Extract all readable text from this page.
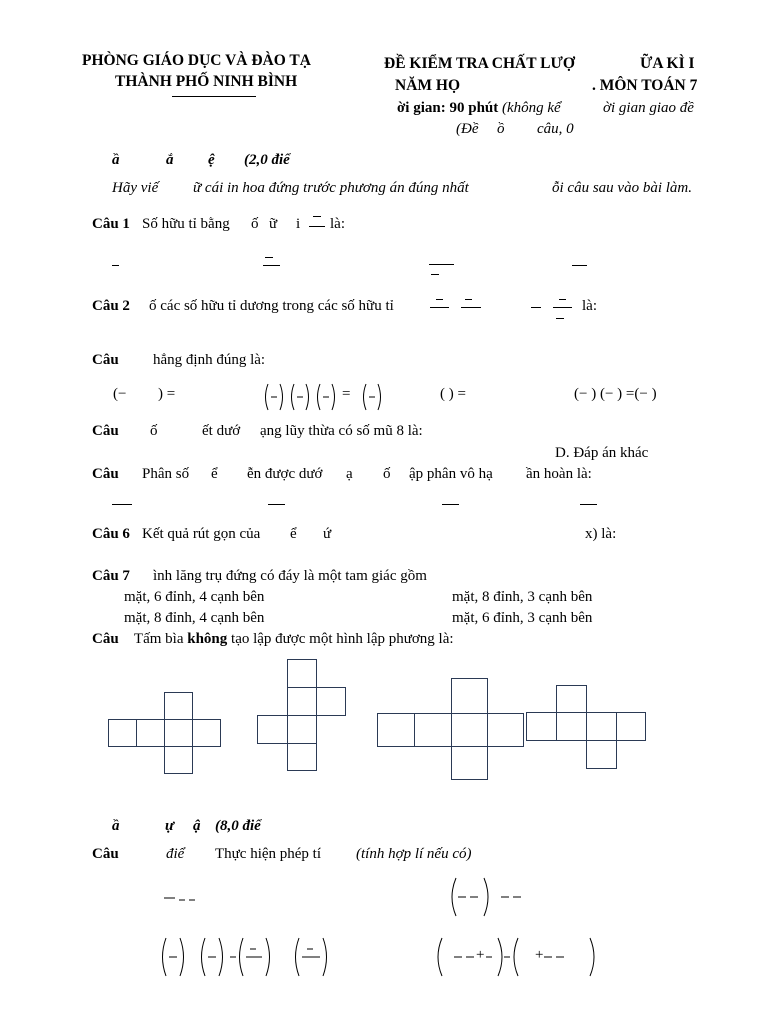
PHÒNG GIÁO DỤC VÀ ĐÀO TẠ
THÀNH PHỐ NINH BÌNH
ĐỀ KIỂM TRA CHẤT LƯỢ	ỮA KÌ I
NĂM HỌ	. MÔN TOÁN 7
ời gian: 90 phút (không kể	ời gian giao đề
(Đề ồ câu, 0
ầ	ắ ệ (2,0 điể
Hãy viế ữ cái in hoa đứng trước phương án đúng nhất	ỗi câu sau vào bài làm.
Câu 1 Số hữu tỉ bằng ố ữ i là:
Câu 2 ố các số hữu tỉ dương trong các số hữu tỉ	là:
Câu hẳng định đúng là:
(− ) =	=	( ) =	(− ) (− ) =(− )
Câu ố	ết dướ ạng lũy thừa có số mũ 8 là:
D. Đáp án khác
Câu Phân số ể ễn được dướ ạ ố ập phân vô hạ ần hoàn là:
Câu 6 Kết quả rút gọn của ể ứ	x) là:
Câu 7 ình lăng trụ đứng có đáy là một tam giác gồm
mặt, 6 đỉnh, 4 cạnh bên	mặt, 8 đỉnh, 3 cạnh bên
mặt, 8 đỉnh, 4 cạnh bên	mặt, 6 đỉnh, 3 cạnh bên
Câu Tấm bìa không tạo lập được một hình lập phương là:
ầ	ự ậ (8,0 điể
Câu	điể Thực hiện phép tí (tính hợp lí nếu có)
+	+
